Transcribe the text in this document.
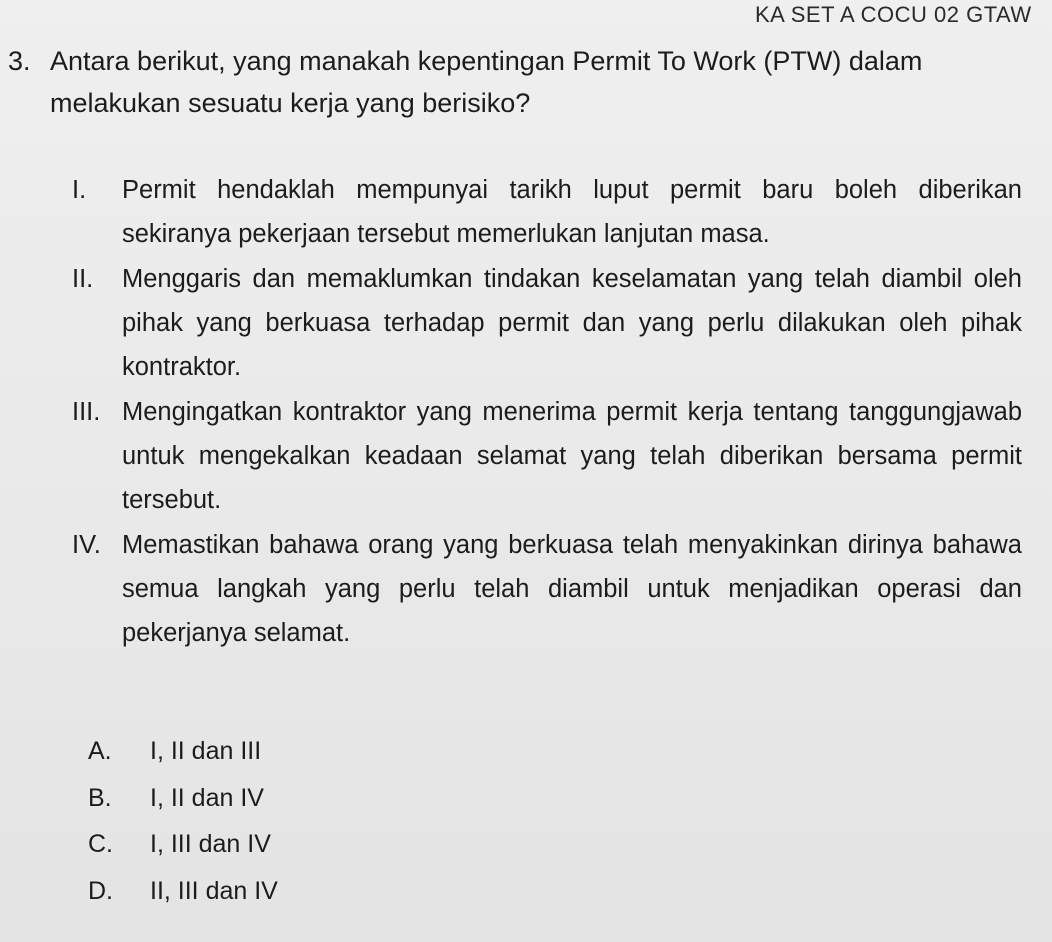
KA SET A COCU 02 GTAW
3. Antara berikut, yang manakah kepentingan Permit To Work (PTW) dalam melakukan sesuatu kerja yang berisiko?
I. Permit hendaklah mempunyai tarikh luput permit baru boleh diberikan sekiranya pekerjaan tersebut memerlukan lanjutan masa.
II. Menggaris dan memaklumkan tindakan keselamatan yang telah diambil oleh pihak yang berkuasa terhadap permit dan yang perlu dilakukan oleh pihak kontraktor.
III. Mengingatkan kontraktor yang menerima permit kerja tentang tanggungjawab untuk mengekalkan keadaan selamat yang telah diberikan bersama permit tersebut.
IV. Memastikan bahawa orang yang berkuasa telah menyakinkan dirinya bahawa semua langkah yang perlu telah diambil untuk menjadikan operasi dan pekerjanya selamat.
A.	I, II dan III
B.	I, II dan IV
C.	I, III dan IV
D.	II, III dan IV
